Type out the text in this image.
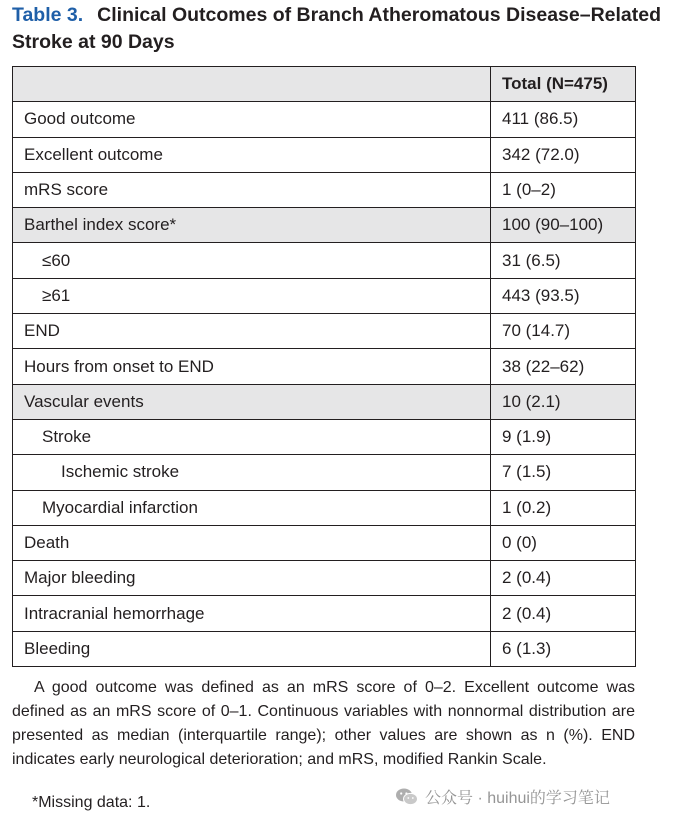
Table 3. Clinical Outcomes of Branch Atheromatous Disease–Related Stroke at 90 Days
	Total (N=475)
Good outcome	411 (86.5)
Excellent outcome	342 (72.0)
mRS score	1 (0–2)
Barthel index score*	100 (90–100)
≤60	31 (6.5)
≥61	443 (93.5)
END	70 (14.7)
Hours from onset to END	38 (22–62)
Vascular events	10 (2.1)
Stroke	9 (1.9)
Ischemic stroke	7 (1.5)
Myocardial infarction	1 (0.2)
Death	0 (0)
Major bleeding	2 (0.4)
Intracranial hemorrhage	2 (0.4)
Bleeding	6 (1.3)

A good outcome was defined as an mRS score of 0–2. Excellent outcome was defined as an mRS score of 0–1. Continuous variables with nonnormal distribution are presented as median (interquartile range); other values are shown as n (%). END indicates early neurological deterioration; and mRS, modified Rankin Scale.

*Missing data: 1.	公众号 · huihui的学习笔记
